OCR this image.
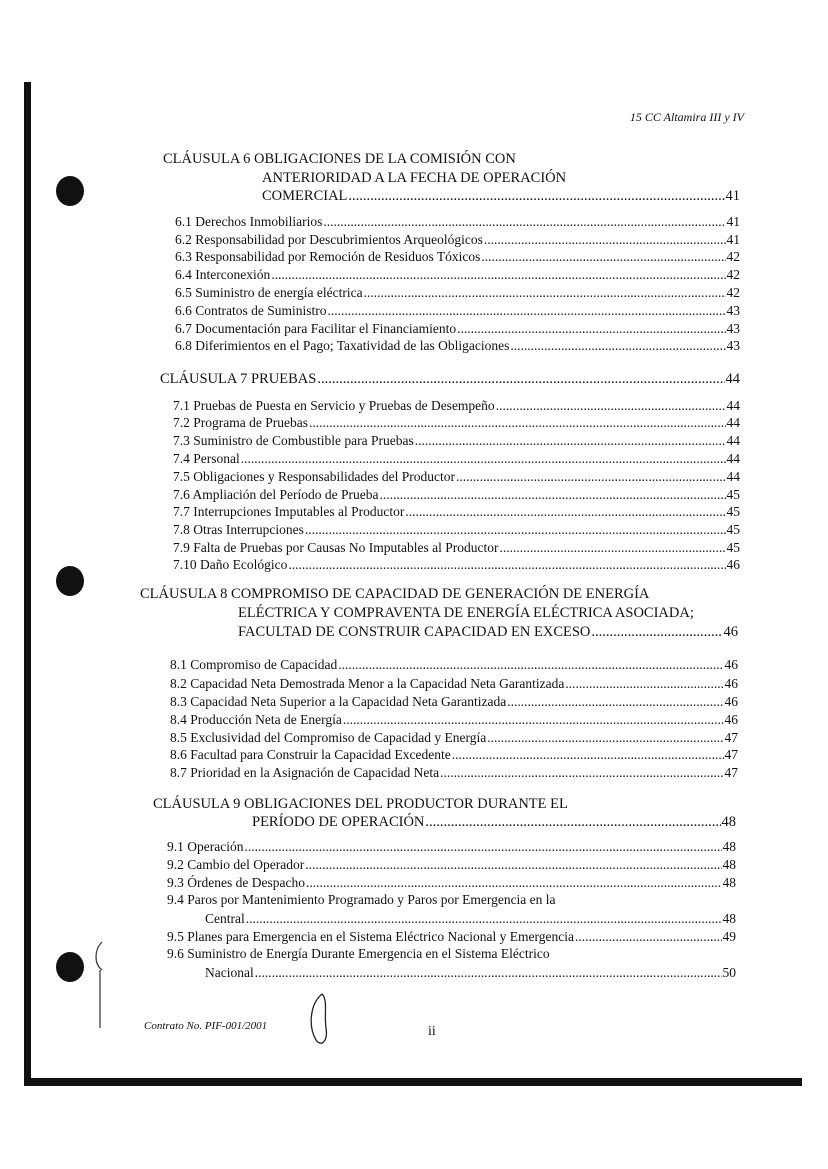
15 CC Altamira III y IV
CLÁUSULA 6 OBLIGACIONES DE LA COMISIÓN CON
ANTERIORIDAD A LA FECHA DE OPERACIÓN
COMERCIAL .....	41
6.1 Derechos Inmobiliarios .....	41
6.2 Responsabilidad por Descubrimientos Arqueológicos .....	41
6.3 Responsabilidad por Remoción de Residuos Tóxicos .....	42
6.4 Interconexión .....	42
6.5 Suministro de energía eléctrica .....	42
6.6 Contratos de Suministro .....	43
6.7 Documentación para Facilitar el Financiamiento .....	43
6.8 Diferimientos en el Pago; Taxatividad de las Obligaciones .....	43
CLÁUSULA 7 PRUEBAS .....	44
7.1 Pruebas de Puesta en Servicio y Pruebas de Desempeño .....	44
7.2 Programa de Pruebas .....	44
7.3 Suministro de Combustible para Pruebas .....	44
7.4 Personal .....	44
7.5 Obligaciones y Responsabilidades del Productor .....	44
7.6 Ampliación del Período de Prueba .....	45
7.7 Interrupciones Imputables al Productor .....	45
7.8 Otras Interrupciones .....	45
7.9 Falta de Pruebas por Causas No Imputables al Productor .....	45
7.10 Daño Ecológico .....	46
CLÁUSULA 8 COMPROMISO DE CAPACIDAD DE GENERACIÓN DE ENERGÍA
ELÉCTRICA Y COMPRAVENTA DE ENERGÍA ELÉCTRICA ASOCIADA;
FACULTAD DE CONSTRUIR CAPACIDAD EN EXCESO .....	46
8.1 Compromiso de Capacidad .....	46
8.2 Capacidad Neta Demostrada Menor a la Capacidad Neta Garantizada .....	46
8.3 Capacidad Neta Superior a la Capacidad Neta Garantizada .....	46
8.4 Producción Neta de Energía .....	46
8.5 Exclusividad del Compromiso de Capacidad y Energía .....	47
8.6 Facultad para Construir la Capacidad Excedente .....	47
8.7 Prioridad en la Asignación de Capacidad Neta .....	47
CLÁUSULA 9 OBLIGACIONES DEL PRODUCTOR DURANTE EL
PERÍODO DE OPERACIÓN .....	48
9.1 Operación .....	48
9.2 Cambio del Operador .....	48
9.3 Órdenes de Despacho .....	48
9.4 Paros por Mantenimiento Programado y Paros por Emergencia en la
Central .....	48
9.5 Planes para Emergencia en el Sistema Eléctrico Nacional y Emergencia .....	49
9.6 Suministro de Energía Durante Emergencia en el Sistema Eléctrico
Nacional .....	50
Contrato No. PIF-001/2001	ii
